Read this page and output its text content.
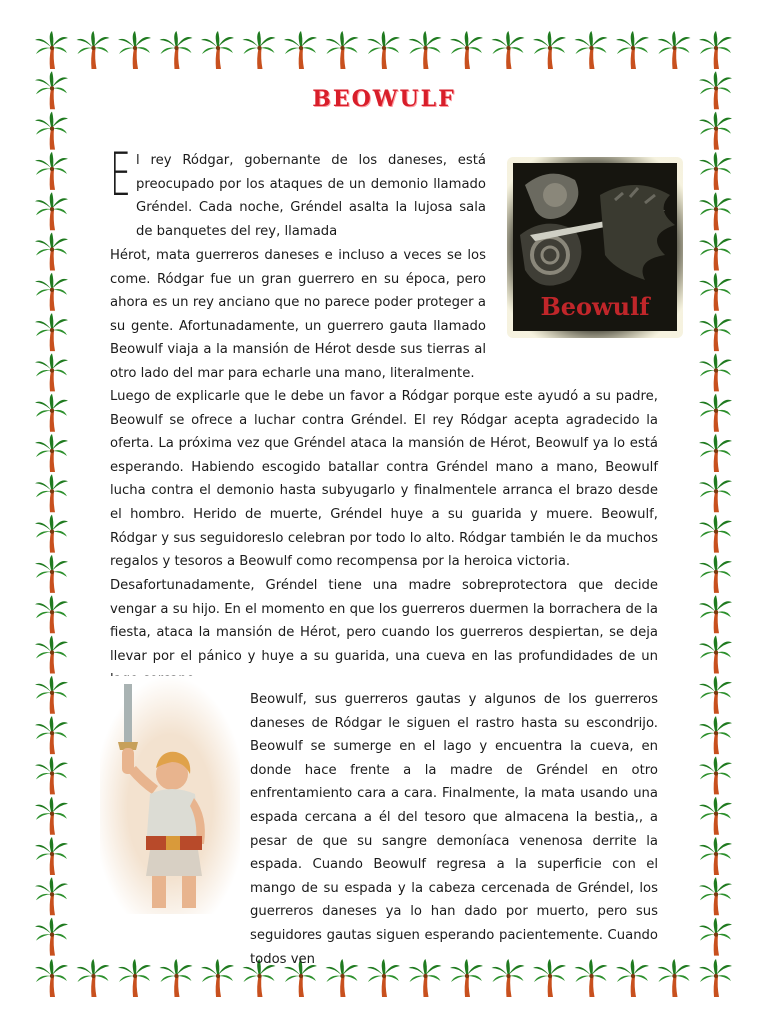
BEOWULF
E l rey Ródgar, gobernante de los daneses, está preocupado por los ataques de un demonio llamado Gréndel. Cada noche, Gréndel asalta la lujosa sala de banquetes del rey, llamada

Hérot, mata guerreros daneses e incluso a veces se los come. Ródgar fue un gran guerrero en su época, pero ahora es un rey anciano que no parece poder proteger a su gente. Afortunadamente, un guerrero gauta llamado Beowulf viaja a la mansión de Hérot desde sus tierras al otro lado del mar para echarle una mano, literalmente.

Beowulf

Luego de explicarle que le debe un favor a Ródgar porque este ayudó a su padre, Beowulf se ofrece a luchar contra Gréndel. El rey Ródgar acepta agradecido la oferta. La próxima vez que Gréndel ataca la mansión de Hérot, Beowulf ya lo está esperando. Habiendo escogido batallar contra Gréndel mano a mano, Beowulf lucha contra el demonio hasta subyugarlo y finalmentele arranca el brazo desde el hombro. Herido de muerte, Gréndel huye a su guarida y muere. Beowulf, Ródgar y sus seguidoreslo celebran por todo lo alto. Ródgar también le da muchos regalos y tesoros a Beowulf como recompensa por la heroica victoria.

Desafortunadamente, Gréndel tiene una madre sobreprotectora que decide vengar a su hijo. En el momento en que los guerreros duermen la borrachera de la fiesta, ataca la mansión de Hérot, pero cuando los guerreros despiertan, se deja llevar por el pánico y huye a su guarida, una cueva en las profundidades de un

Beowulf, sus guerreros gautas y algunos de los guerreros daneses de Ródgar le siguen el rastro hasta su escondrijo. Beowulf se sumerge en el lago y encuentra la cueva, en donde hace frente a la madre de Gréndel en otro enfrentamiento cara a cara. Finalmente, la mata usando una espada cercana a él del tesoro que almacena la bestia,, a pesar de que su sangre demoníaca venenosa derrite la espada. Cuando Beowulf regresa a la superficie con el mango de su espada y la cabeza cercenada de Gréndel, los guerreros daneses ya lo han dado por muerto, pero sus seguidores gautas siguen esperando pacientemente. Cuando todos ven
